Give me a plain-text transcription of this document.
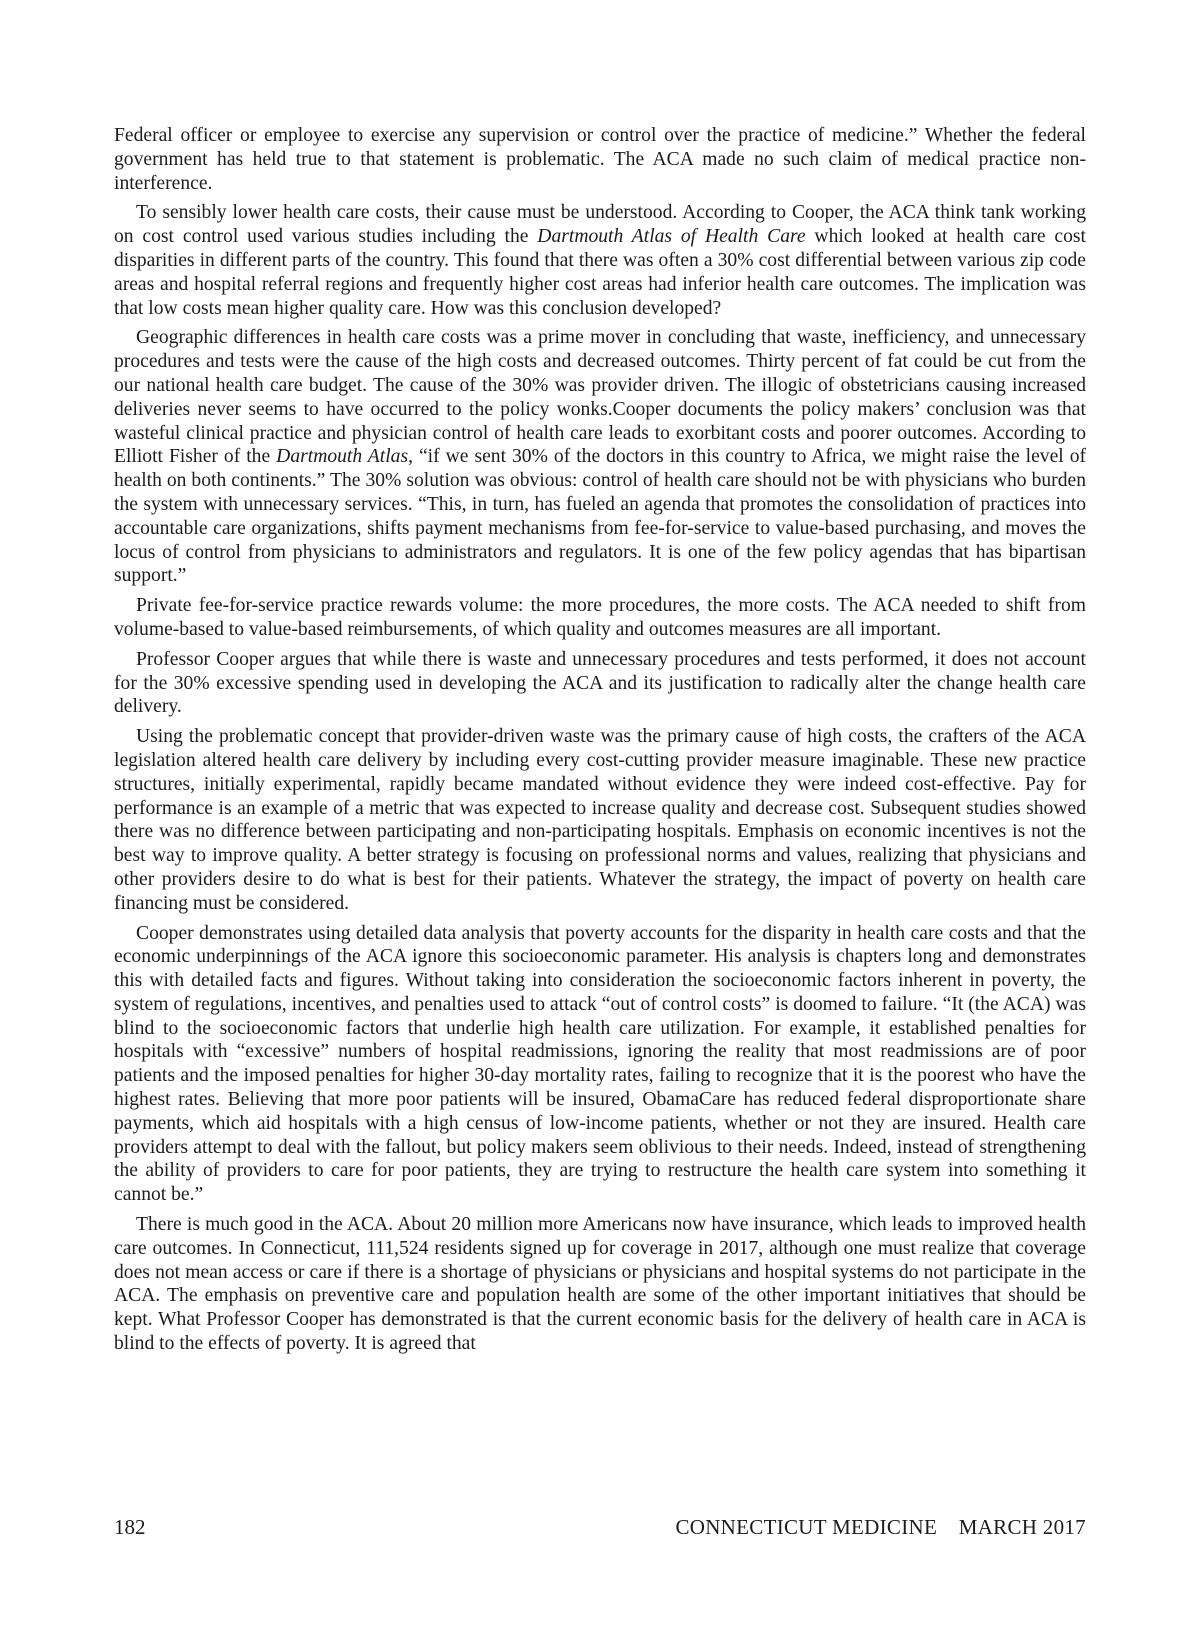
Federal officer or employee to exercise any supervision or control over the practice of medicine.” Whether the federal government has held true to that statement is problematic. The ACA made no such claim of medical practice non-interference.

To sensibly lower health care costs, their cause must be understood. According to Cooper, the ACA think tank working on cost control used various studies including the Dartmouth Atlas of Health Care which looked at health care cost disparities in different parts of the country. This found that there was often a 30% cost differential between various zip code areas and hospital referral regions and frequently higher cost areas had inferior health care outcomes. The implication was that low costs mean higher quality care. How was this conclusion developed?

Geographic differences in health care costs was a prime mover in concluding that waste, inefficiency, and unnecessary procedures and tests were the cause of the high costs and decreased outcomes. Thirty percent of fat could be cut from the our national health care budget. The cause of the 30% was provider driven. The illogic of obstetricians causing increased deliveries never seems to have occurred to the policy wonks.Cooper documents the policy makers’ conclusion was that wasteful clinical practice and physician control of health care leads to exorbitant costs and poorer outcomes. According to Elliott Fisher of the Dartmouth Atlas, “if we sent 30% of the doctors in this country to Africa, we might raise the level of health on both continents.” The 30% solution was obvious: control of health care should not be with physicians who burden the system with unnecessary services. “This, in turn, has fueled an agenda that promotes the consolidation of practices into accountable care organizations, shifts payment mechanisms from fee-for-service to value-based purchasing, and moves the locus of control from physicians to administrators and regulators. It is one of the few policy agendas that has bipartisan support.”

Private fee-for-service practice rewards volume: the more procedures, the more costs. The ACA needed to shift from volume-based to value-based reimbursements, of which quality and outcomes measures are all important.

Professor Cooper argues that while there is waste and unnecessary procedures and tests performed, it does not account for the 30% excessive spending used in developing the ACA and its justification to radically alter the change health care delivery.

Using the problematic concept that provider-driven waste was the primary cause of high costs, the crafters of the ACA legislation altered health care delivery by including every cost-cutting provider measure imaginable. These new practice structures, initially experimental, rapidly became mandated without evidence they were indeed cost-effective. Pay for performance is an example of a metric that was expected to increase quality and decrease cost. Subsequent studies showed there was no difference between participating and non-participating hospitals. Emphasis on economic incentives is not the best way to improve quality. A better strategy is focusing on professional norms and values, realizing that physicians and other providers desire to do what is best for their patients. Whatever the strategy, the impact of poverty on health care financing must be considered.

Cooper demonstrates using detailed data analysis that poverty accounts for the disparity in health care costs and that the economic underpinnings of the ACA ignore this socioeconomic parameter. His analysis is chapters long and demonstrates this with detailed facts and figures. Without taking into consideration the socioeconomic factors inherent in poverty, the system of regulations, incentives, and penalties used to attack “out of control costs” is doomed to failure. “It (the ACA) was blind to the socioeconomic factors that underlie high health care utilization. For example, it established penalties for hospitals with “excessive” numbers of hospital readmissions, ignoring the reality that most readmissions are of poor patients and the imposed penalties for higher 30-day mortality rates, failing to recognize that it is the poorest who have the highest rates. Believing that more poor patients will be insured, ObamaCare has reduced federal disproportionate share payments, which aid hospitals with a high census of low-income patients, whether or not they are insured. Health care providers attempt to deal with the fallout, but policy makers seem oblivious to their needs. Indeed, instead of strengthening the ability of providers to care for poor patients, they are trying to restructure the health care system into something it cannot be.”

There is much good in the ACA. About 20 million more Americans now have insurance, which leads to improved health care outcomes. In Connecticut, 111,524 residents signed up for coverage in 2017, although one must realize that coverage does not mean access or care if there is a shortage of physicians or physicians and hospital systems do not participate in the ACA. The emphasis on preventive care and population health are some of the other important initiatives that should be kept. What Professor Cooper has demonstrated is that the current economic basis for the delivery of health care in ACA is blind to the effects of poverty. It is agreed that

182	CONNECTICUT MEDICINE  MARCH 2017
